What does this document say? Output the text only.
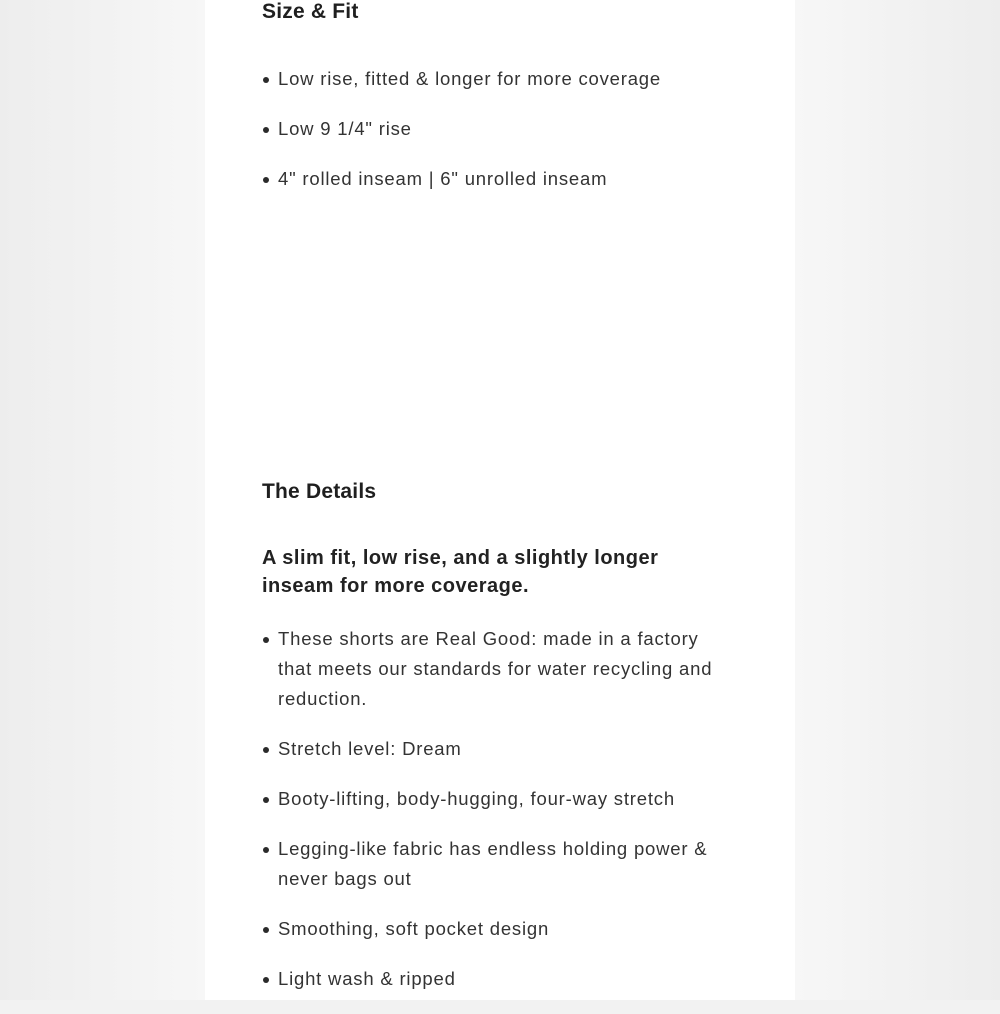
Size & Fit
Low rise, fitted & longer for more coverage
Low 9 1/4" rise
4" rolled inseam | 6" unrolled inseam
The Details

A slim fit, low rise, and a slightly longer inseam for more coverage.

These shorts are Real Good: made in a factory that meets our standards for water recycling and reduction.
Stretch level: Dream
Booty-lifting, body-hugging, four-way stretch
Legging-like fabric has endless holding power & never bags out
Smoothing, soft pocket design
Light wash & ripped
